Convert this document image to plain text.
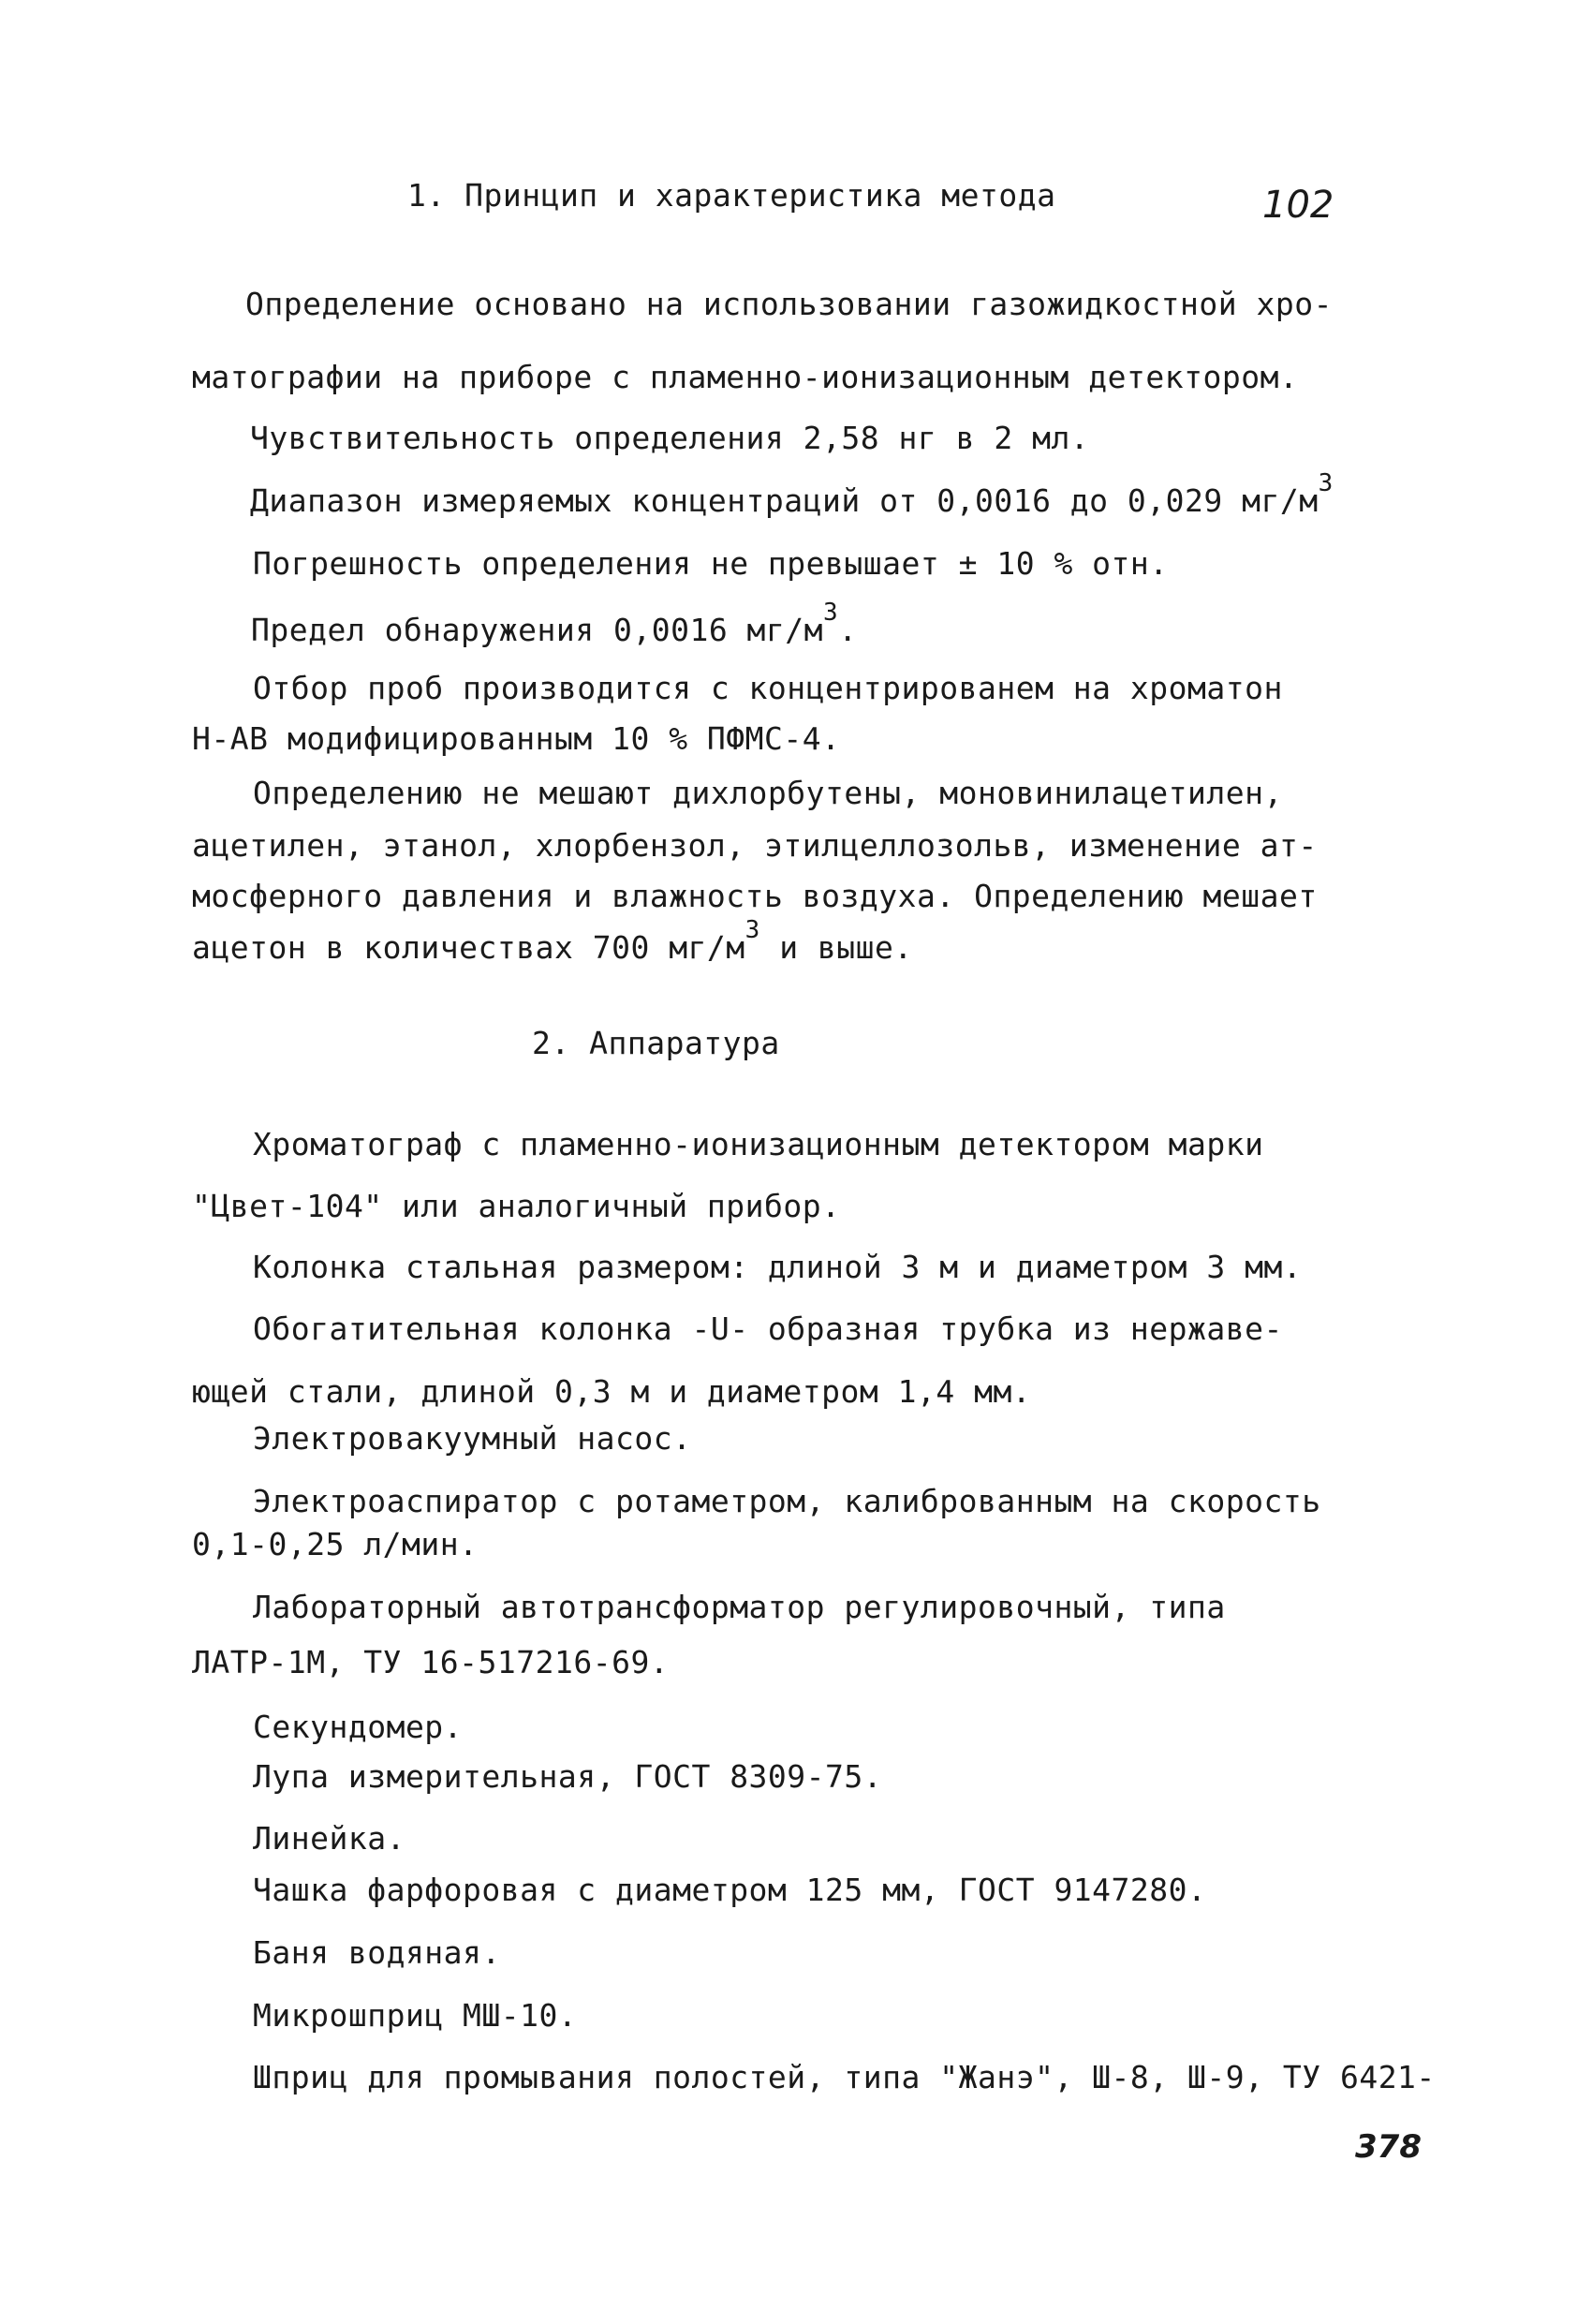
102
1. Принцип и характеристика метода
Определение основано на использовании газожидкостной хро-
матографии на приборе с пламенно-ионизационным детектором.
Чувствительность определения 2,58 нг в 2 мл.
Диапазон измеряемых концентраций от 0,0016 до 0,029 $мг/м^3$
Погрешность определения не превышает ± 10 % отн.
Предел обнаружения 0,0016 $мг/м^3$.
Отбор проб производится с концентрированем на хроматон
Н-АВ модифицированным 10 % ПФМС-4.
Определению не мешают дихлорбутены, моновинилацетилен,
ацетилен, этанол, хлорбензол, этилцеллозольв, изменение ат-
мосферного давления и влажность воздуха. Определению мешает
ацетон в количествах 700 $мг/м^3$ и выше.
2. Аппаратура
Хроматограф с пламенно-ионизационным детектором марки
"Цвет-104" или аналогичный прибор.
Колонка стальная размером: длиной 3 м и диаметром 3 мм.
Обогатительная колонка -U- образная трубка из нержаве-
ющей стали, длиной 0,3 м и диаметром 1,4 мм.
Электровакуумный насос.
Электроаспиратор с ротаметром, калиброванным на скорость
0,1-0,25 л/мин.
Лабораторный автотрансформатор регулировочный, типа
ЛАТР-1М, ТУ 16-517216-69.
Секундомер.
Лупа измерительная, ГОСТ 8309-75.
Линейка.
Чашка фарфоровая с диаметром 125 мм, ГОСТ 9147280.
Баня водяная.
Микрошприц МШ-10.
Шприц для промывания полостей, типа "Жанэ", Ш-8, Ш-9, ТУ 6421-
378
